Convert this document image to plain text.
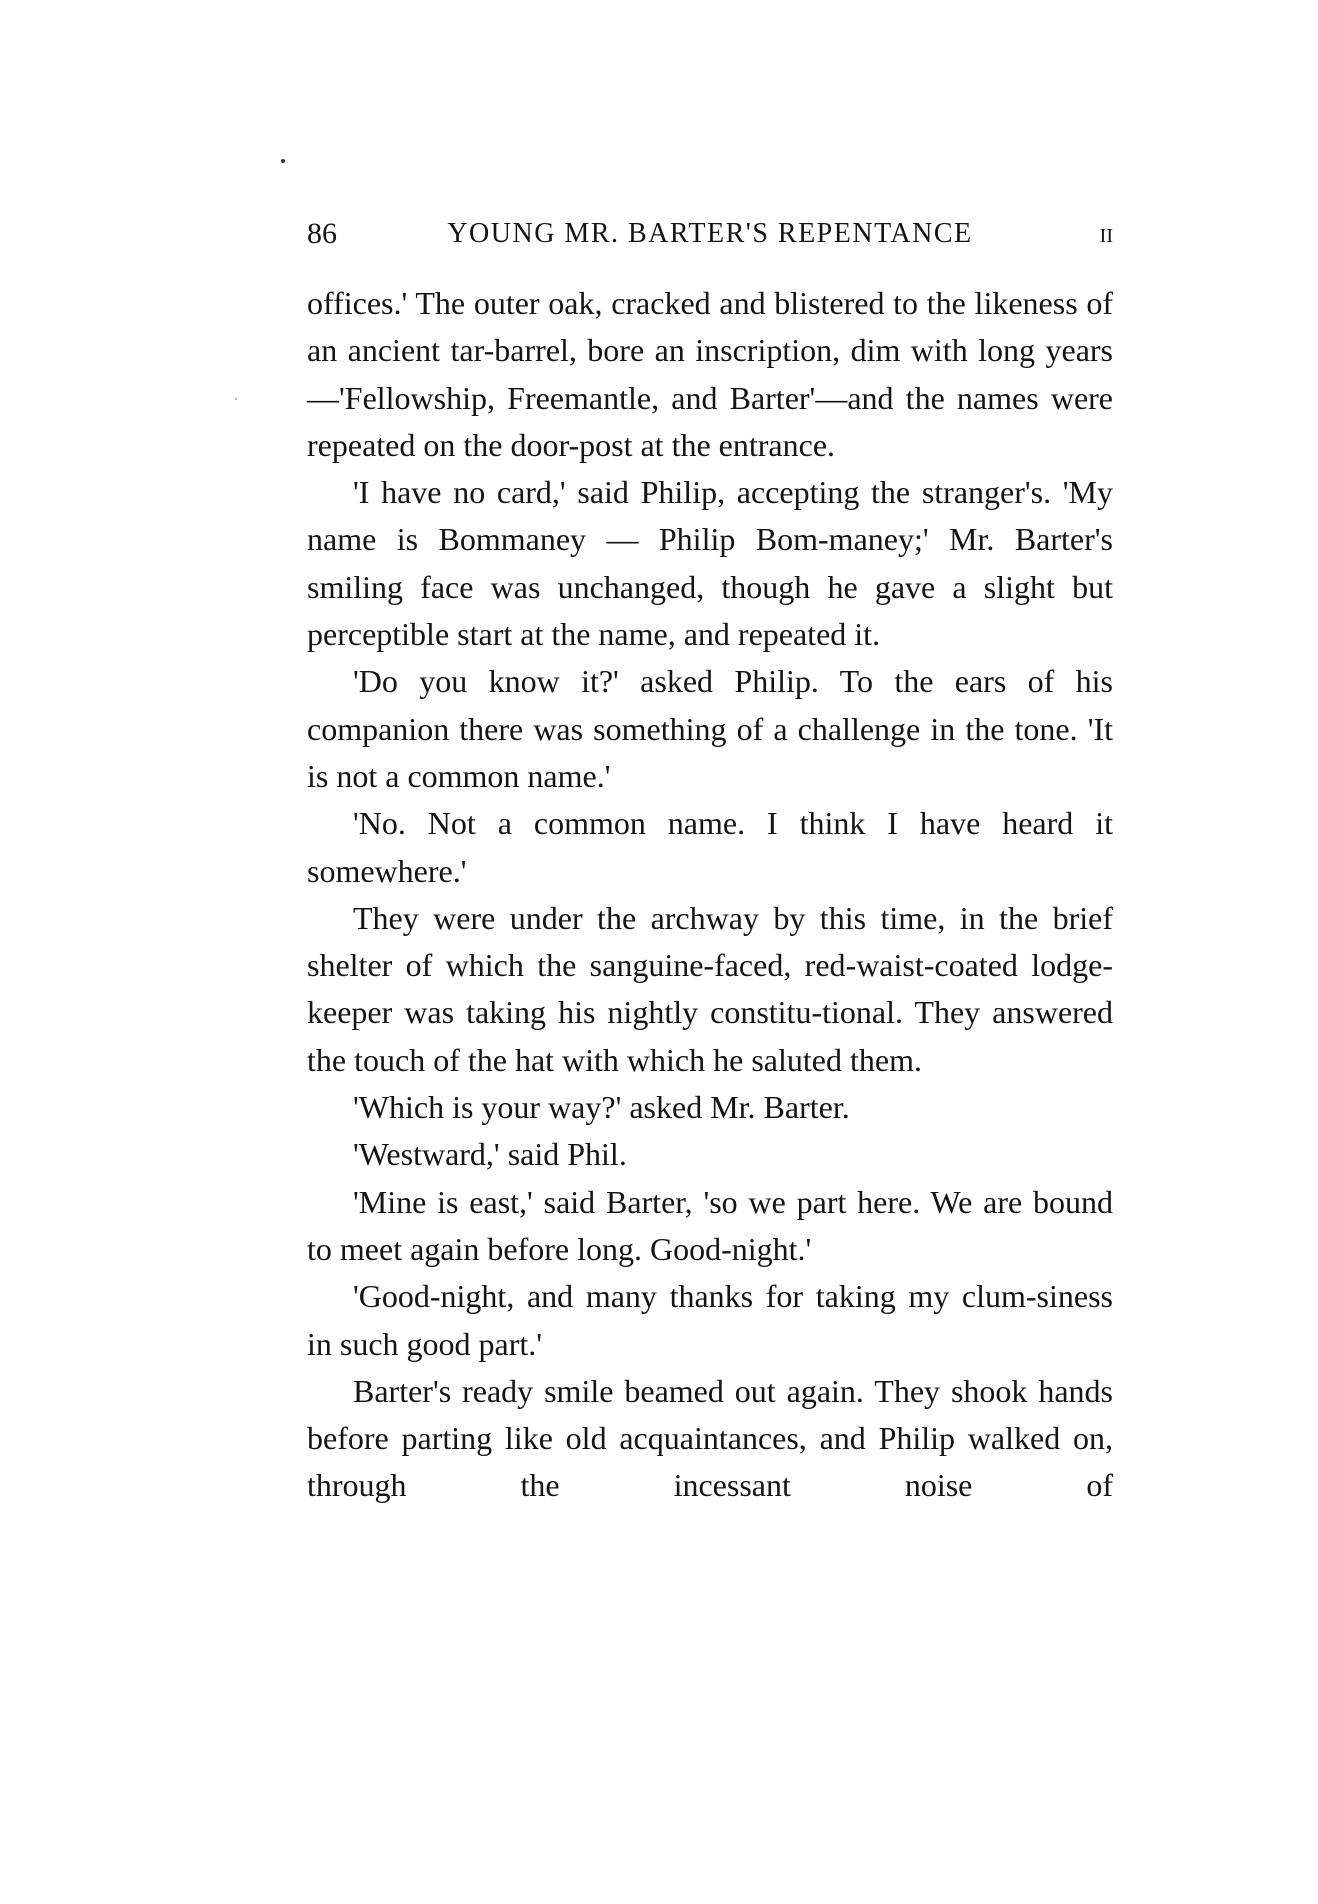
86	YOUNG MR. BARTER'S REPENTANCE	II

offices.' The outer oak, cracked and blistered to the likeness of an ancient tar-barrel, bore an inscription, dim with long years—'Fellowship, Freemantle, and Barter'—and the names were repeated on the door-post at the entrance.

'I have no card,' said Philip, accepting the stranger's. 'My name is Bommaney — Philip Bom-maney;' Mr. Barter's smiling face was unchanged, though he gave a slight but perceptible start at the name, and repeated it.

'Do you know it?' asked Philip. To the ears of his companion there was something of a challenge in the tone. 'It is not a common name.'

'No. Not a common name. I think I have heard it somewhere.'

They were under the archway by this time, in the brief shelter of which the sanguine-faced, red-waist-coated lodge-keeper was taking his nightly constitu-tional. They answered the touch of the hat with which he saluted them.

'Which is your way?' asked Mr. Barter.

'Westward,' said Phil.

'Mine is east,' said Barter, 'so we part here. We are bound to meet again before long. Good-night.'

'Good-night, and many thanks for taking my clum-siness in such good part.'

Barter's ready smile beamed out again. They shook hands before parting like old acquaintances, and Philip walked on, through the incessant noise of
